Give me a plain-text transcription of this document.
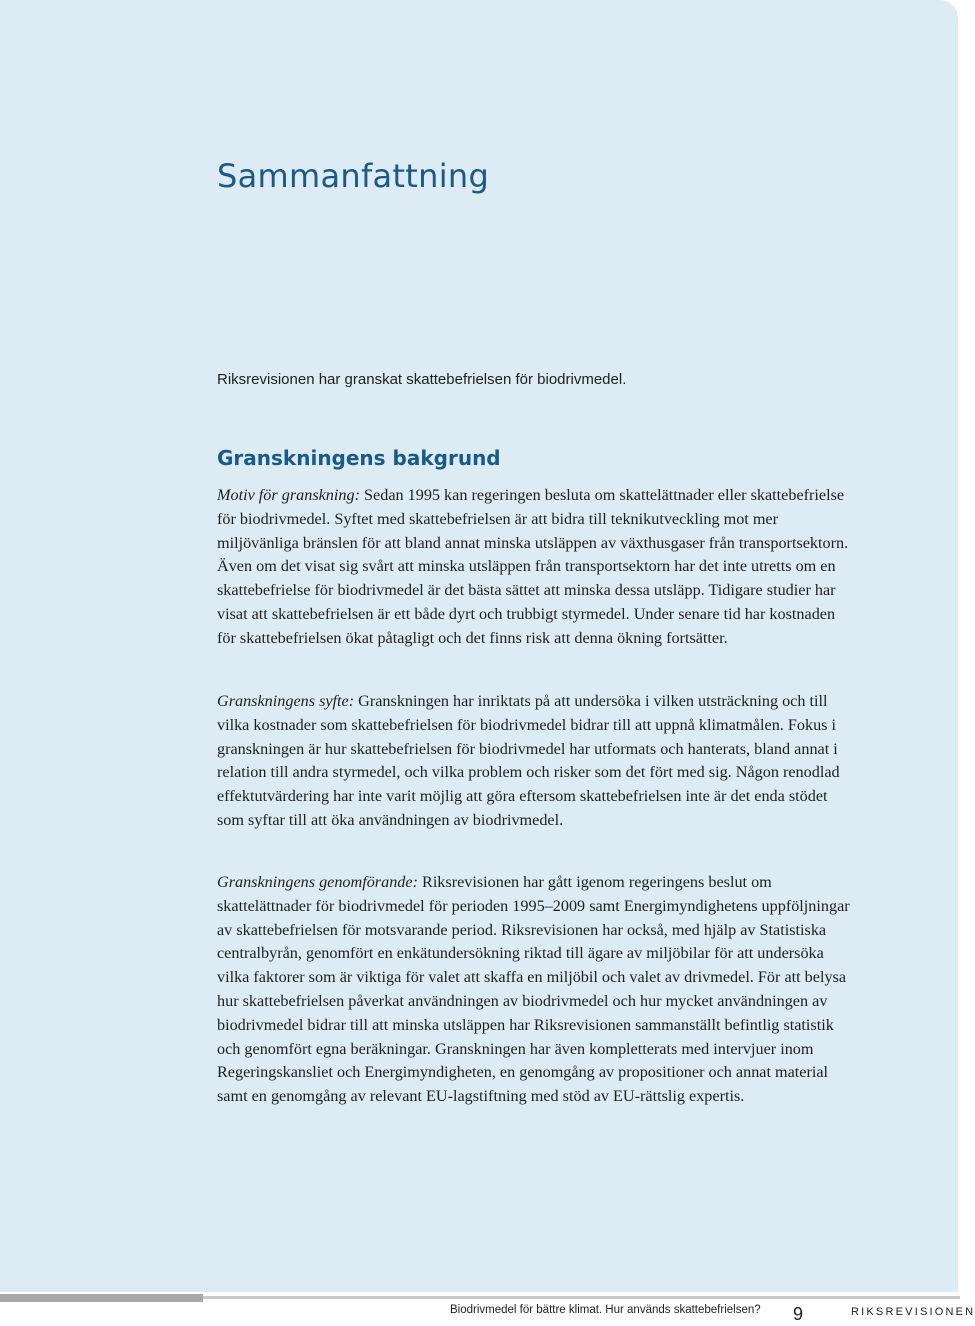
Sammanfattning

Riksrevisionen har granskat skattebefrielsen för biodrivmedel.

Granskningens bakgrund

Motiv för granskning: Sedan 1995 kan regeringen besluta om skattelättnader eller skattebefrielse för biodrivmedel. Syftet med skattebefrielsen är att bidra till teknikutveckling mot mer miljövänliga bränslen för att bland annat minska utsläppen av växthusgaser från transportsektorn. Även om det visat sig svårt att minska utsläppen från transportsektorn har det inte utretts om en skattebefrielse för biodrivmedel är det bästa sättet att minska dessa utsläpp. Tidigare studier har visat att skattebefrielsen är ett både dyrt och trubbigt styrmedel. Under senare tid har kostnaden för skattebefrielsen ökat påtagligt och det finns risk att denna ökning fortsätter.

Granskningens syfte: Granskningen har inriktats på att undersöka i vilken utsträckning och till vilka kostnader som skattebefrielsen för biodrivmedel bidrar till att uppnå klimatmålen. Fokus i granskningen är hur skattebefrielsen för biodrivmedel har utformats och hanterats, bland annat i relation till andra styrmedel, och vilka problem och risker som det fört med sig. Någon renodlad effektutvärdering har inte varit möjlig att göra eftersom skattebefrielsen inte är det enda stödet som syftar till att öka användningen av biodrivmedel.

Granskningens genomförande: Riksrevisionen har gått igenom regeringens beslut om skattelättnader för biodrivmedel för perioden 1995–2009 samt Energimyndighetens uppföljningar av skattebefrielsen för motsvarande period. Riksrevisionen har också, med hjälp av Statistiska centralbyrån, genomfört en enkätundersökning riktad till ägare av miljöbilar för att undersöka vilka faktorer som är viktiga för valet att skaffa en miljöbil och valet av drivmedel. För att belysa hur skattebefrielsen påverkat användningen av biodrivmedel och hur mycket användningen av biodrivmedel bidrar till att minska utsläppen har Riksrevisionen sammanställt befintlig statistik och genomfört egna beräkningar. Granskningen har även kompletterats med intervjuer inom Regeringskansliet och Energimyndigheten, en genomgång av propositioner och annat material samt en genomgång av relevant EU-lagstiftning med stöd av EU-rättslig expertis.

Biodrivmedel för bättre klimat. Hur används skattebefrielsen? 9	RIKSREVISIONEN
